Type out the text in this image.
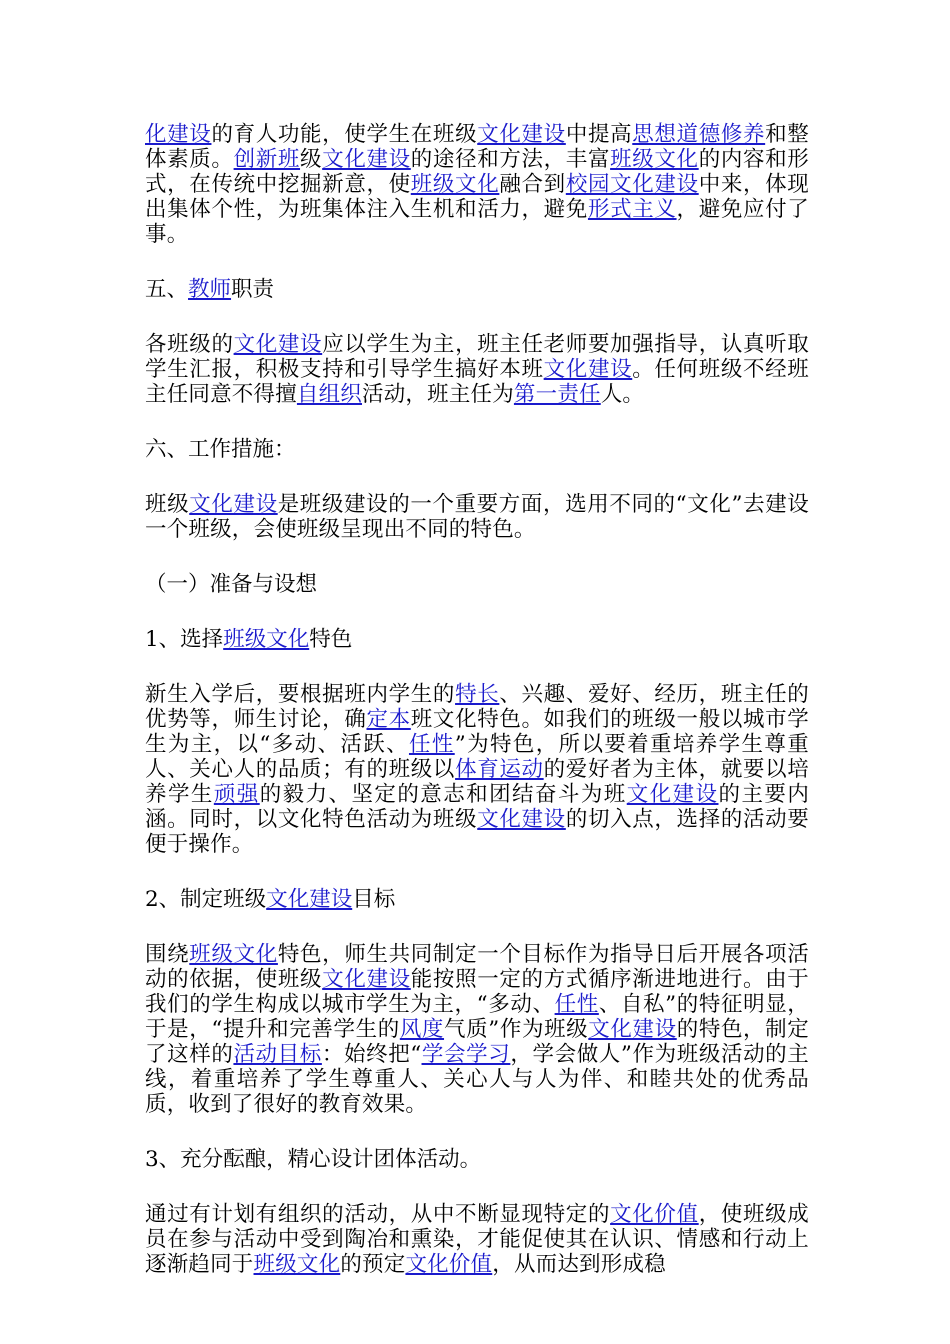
化建设的育人功能，使学生在班级文化建设中提高思想道德修养和整体素质。创新班级文化建设的途径和方法，丰富班级文化的内容和形式，在传统中挖掘新意，使班级文化融合到校园文化建设中来，体现出集体个性，为班集体注入生机和活力，避免形式主义，避免应付了事。

五、教师职责

各班级的文化建设应以学生为主，班主任老师要加强指导，认真听取学生汇报，积极支持和引导学生搞好本班文化建设。任何班级不经班主任同意不得擅自组织活动，班主任为第一责任人。

六、工作措施：

班级文化建设是班级建设的一个重要方面，选用不同的“文化”去建设一个班级，会使班级呈现出不同的特色。

（一）准备与设想

1、选择班级文化特色

新生入学后，要根据班内学生的特长、兴趣、爱好、经历，班主任的优势等，师生讨论，确定本班文化特色。如我们的班级一般以城市学生为主，以“多动、活跃、任性”为特色，所以要着重培养学生尊重人、关心人的品质；有的班级以体育运动的爱好者为主体，就要以培养学生顽强的毅力、坚定的意志和团结奋斗为班文化建设的主要内涵。同时，以文化特色活动为班级文化建设的切入点，选择的活动要便于操作。

2、制定班级文化建设目标

围绕班级文化特色，师生共同制定一个目标作为指导日后开展各项活动的依据，使班级文化建设能按照一定的方式循序渐进地进行。由于我们的学生构成以城市学生为主，“多动、任性、自私”的特征明显，于是，“提升和完善学生的风度气质”作为班级文化建设的特色，制定了这样的活动目标：始终把“学会学习，学会做人”作为班级活动的主线，着重培养了学生尊重人、关心人与人为伴、和睦共处的优秀品质，收到了很好的教育效果。

3、充分酝酿，精心设计团体活动。

通过有计划有组织的活动，从中不断显现特定的文化价值，使班级成员在参与活动中受到陶冶和熏染，才能促使其在认识、情感和行动上逐渐趋同于班级文化的预定文化价值，从而达到形成稳
